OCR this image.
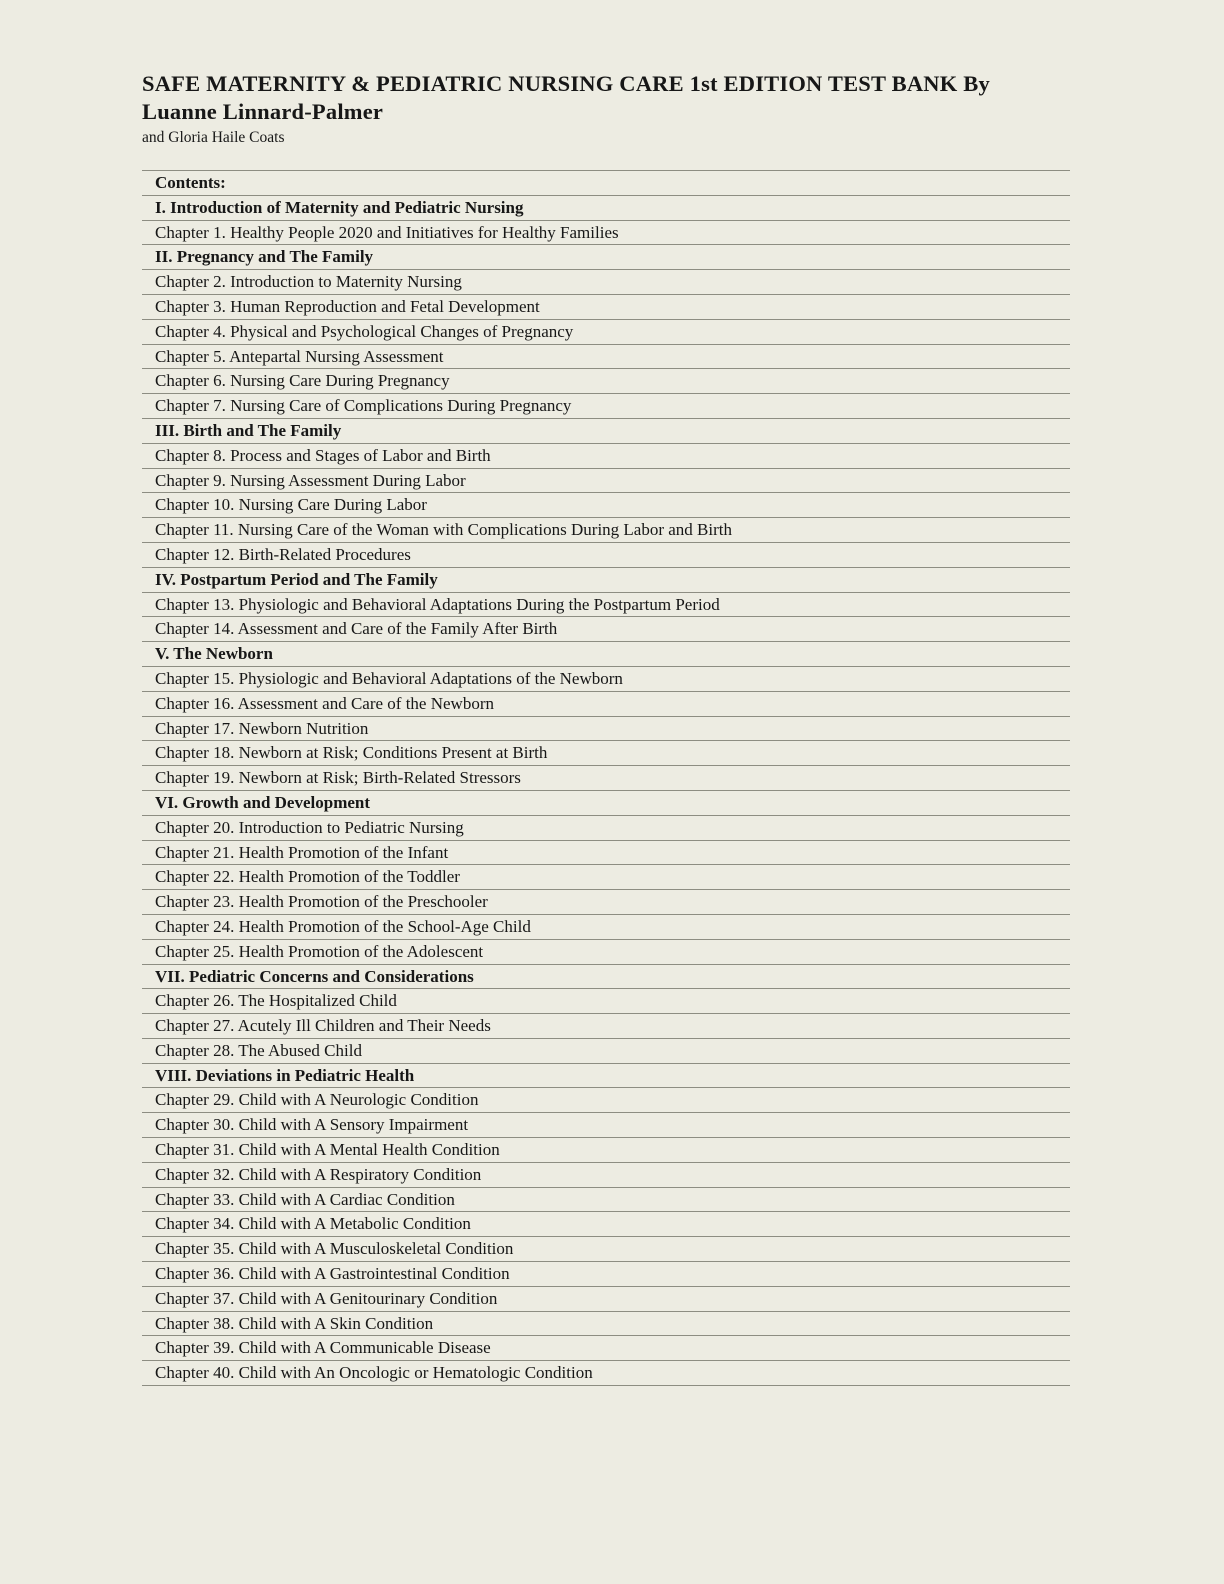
SAFE MATERNITY & PEDIATRIC NURSING CARE 1st EDITION TEST BANK By Luanne Linnard-Palmer
and Gloria Haile Coats
Contents:
I. Introduction of Maternity and Pediatric Nursing
Chapter 1. Healthy People 2020 and Initiatives for Healthy Families
II. Pregnancy and The Family
Chapter 2. Introduction to Maternity Nursing
Chapter 3. Human Reproduction and Fetal Development
Chapter 4. Physical and Psychological Changes of Pregnancy
Chapter 5. Antepartal Nursing Assessment
Chapter 6. Nursing Care During Pregnancy
Chapter 7. Nursing Care of Complications During Pregnancy
III. Birth and The Family
Chapter 8. Process and Stages of Labor and Birth
Chapter 9. Nursing Assessment During Labor
Chapter 10. Nursing Care During Labor
Chapter 11. Nursing Care of the Woman with Complications During Labor and Birth
Chapter 12. Birth-Related Procedures
IV. Postpartum Period and The Family
Chapter 13. Physiologic and Behavioral Adaptations During the Postpartum Period
Chapter 14. Assessment and Care of the Family After Birth
V. The Newborn
Chapter 15. Physiologic and Behavioral Adaptations of the Newborn
Chapter 16. Assessment and Care of the Newborn
Chapter 17. Newborn Nutrition
Chapter 18. Newborn at Risk; Conditions Present at Birth
Chapter 19. Newborn at Risk; Birth-Related Stressors
VI. Growth and Development
Chapter 20. Introduction to Pediatric Nursing
Chapter 21. Health Promotion of the Infant
Chapter 22. Health Promotion of the Toddler
Chapter 23. Health Promotion of the Preschooler
Chapter 24. Health Promotion of the School-Age Child
Chapter 25. Health Promotion of the Adolescent
VII. Pediatric Concerns and Considerations
Chapter 26. The Hospitalized Child
Chapter 27. Acutely Ill Children and Their Needs
Chapter 28. The Abused Child
VIII. Deviations in Pediatric Health
Chapter 29. Child with A Neurologic Condition
Chapter 30. Child with A Sensory Impairment
Chapter 31. Child with A Mental Health Condition
Chapter 32. Child with A Respiratory Condition
Chapter 33. Child with A Cardiac Condition
Chapter 34. Child with A Metabolic Condition
Chapter 35. Child with A Musculoskeletal Condition
Chapter 36. Child with A Gastrointestinal Condition
Chapter 37. Child with A Genitourinary Condition
Chapter 38. Child with A Skin Condition
Chapter 39. Child with A Communicable Disease
Chapter 40. Child with An Oncologic or Hematologic Condition
